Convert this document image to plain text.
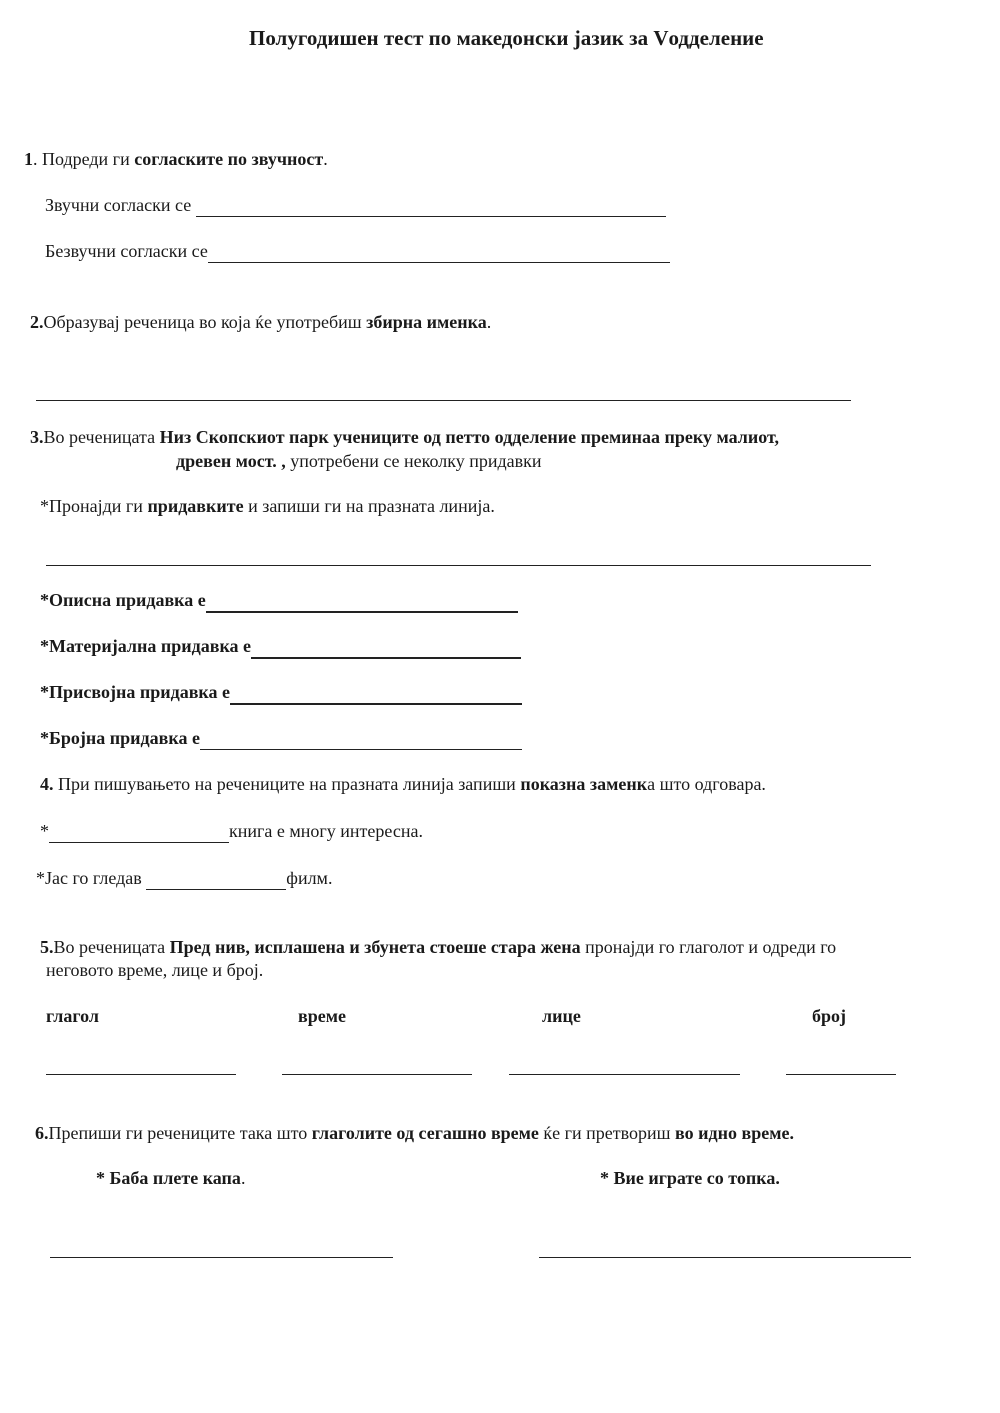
Полугодишен тест по македонски јазик за Vодделение
1. Подреди ги согласките по звучност.
Звучни согласки се
Безвучни согласки се
2.Образувај реченица во која ќе употребиш збирна именка.
3.Во реченицата Низ Скопскиот парк учениците од петто одделение преминаа преку малиот,
древен мост. , употребени се неколку придавки
*Пронајди ги придавките и запиши ги на празната линија.
*Описна придавка е
*Материјална придавка е
*Присвојна придавка е
*Бројна придавка е
4. При пишувањето на реченицитe на празната линија запиши показна заменка што одговара.
*	книга е многу интересна.
*Јас го гледав	филм.
5.Во реченицата Пред нив, исплашена и збунета стоеше стара жена пронајди го глаголот и одреди го
неговото време, лице и број.
глагол	време	лице	број
6.Препиши ги реченицитe така што глаголите од сегашно време ќе ги претвориш во идно време.
* Баба плете капа.	* Вие играте со топка.
